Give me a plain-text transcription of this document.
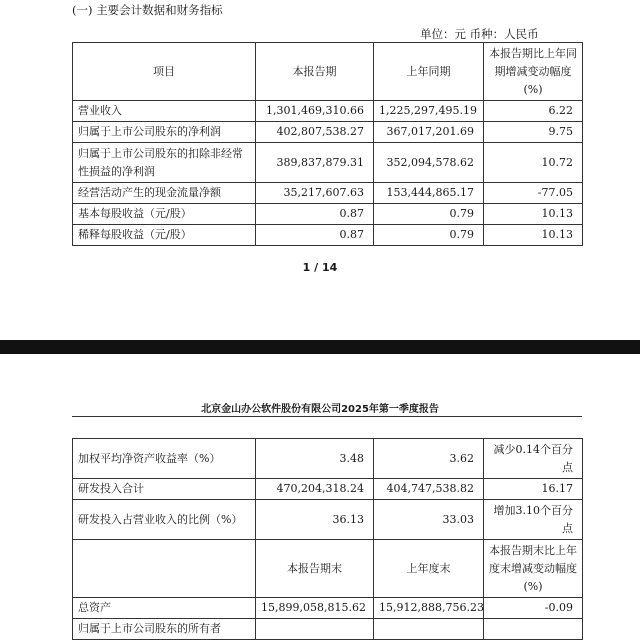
(一) 主要会计数据和财务指标
单位：元 币种：人民币
项目	本报告期	上年同期	本报告期比上年同期增减变动幅度(%)
营业收入	1,301,469,310.66	1,225,297,495.19	6.22
归属于上市公司股东的净利润	402,807,538.27	367,017,201.69	9.75
归属于上市公司股东的扣除非经常性损益的净利润	389,837,879.31	352,094,578.62	10.72
经营活动产生的现金流量净额	35,217,607.63	153,444,865.17	-77.05
基本每股收益（元/股）	0.87	0.79	10.13
稀释每股收益（元/股）	0.87	0.79	10.13
1 / 14
北京金山办公软件股份有限公司2025年第一季度报告
加权平均净资产收益率（%）	3.48	3.62	减少0.14个百分点
研发投入合计	470,204,318.24	404,747,538.82	16.17
研发投入占营业收入的比例（%）	36.13	33.03	增加3.10个百分点
	本报告期末	上年度末	本报告期末比上年度末增减变动幅度(%)
总资产	15,899,058,815.62	15,912,888,756.23	-0.09
归属于上市公司股东的所有者			
